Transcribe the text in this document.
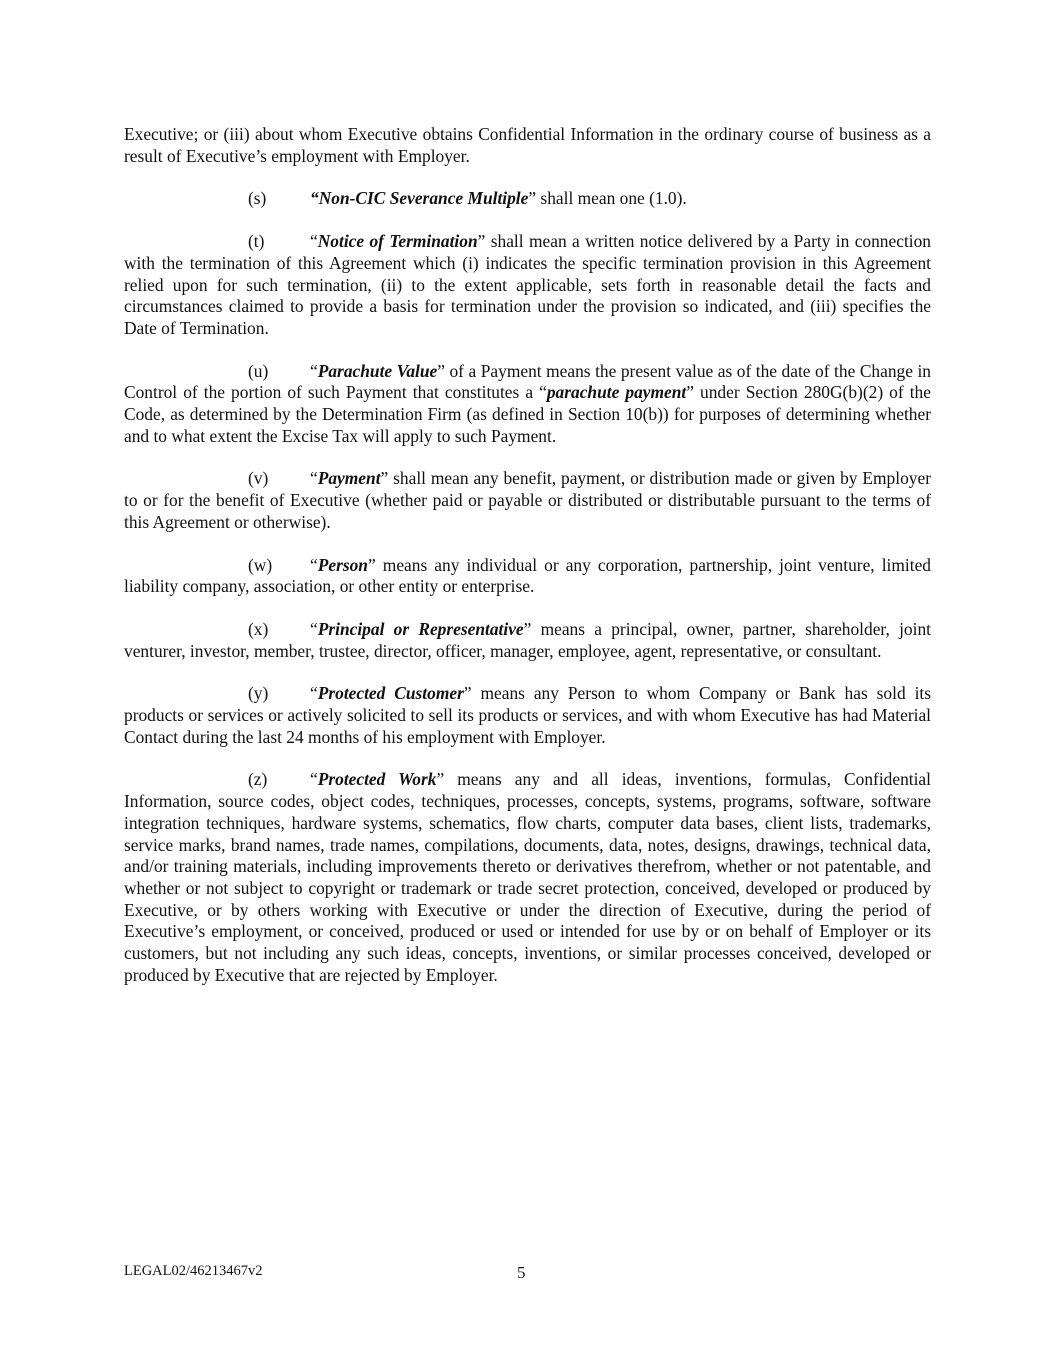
Executive; or (iii) about whom Executive obtains Confidential Information in the ordinary course of business as a result of Executive’s employment with Employer.

(s)	“Non-CIC Severance Multiple” shall mean one (1.0).

(t)	“Notice of Termination” shall mean a written notice delivered by a Party in connection with the termination of this Agreement which (i) indicates the specific termination provision in this Agreement relied upon for such termination, (ii) to the extent applicable, sets forth in reasonable detail the facts and circumstances claimed to provide a basis for termination under the provision so indicated, and (iii) specifies the Date of Termination.

(u) “Parachute Value” of a Payment means the present value as of the date of the Change in Control of the portion of such Payment that constitutes a “parachute payment” under Section 280G(b)(2) of the Code, as determined by the Determination Firm (as defined in Section 10(b)) for purposes of determining whether and to what extent the Excise Tax will apply to such Payment.

(v) “Payment” shall mean any benefit, payment, or distribution made or given by Employer to or for the benefit of Executive (whether paid or payable or distributed or distributable pursuant to the terms of this Agreement or otherwise).

(w) “Person” means any individual or any corporation, partnership, joint venture, limited liability company, association, or other entity or enterprise.

(x) “Principal or Representative” means a principal, owner, partner, shareholder, joint venturer, investor, member, trustee, director, officer, manager, employee, agent, representative, or consultant.

(y) “Protected Customer” means any Person to whom Company or Bank has sold its products or services or actively solicited to sell its products or services, and with whom Executive has had Material Contact during the last 24 months of his employment with Employer.

(z) “Protected Work” means any and all ideas, inventions, formulas, Confidential Information, source codes, object codes, techniques, processes, concepts, systems, programs, software, software integration techniques, hardware systems, schematics, flow charts, computer data bases, client lists, trademarks, service marks, brand names, trade names, compilations, documents, data, notes, designs, drawings, technical data, and/or training materials, including improvements thereto or derivatives therefrom, whether or not patentable, and whether or not subject to copyright or trademark or trade secret protection, conceived, developed or produced by Executive, or by others working with Executive or under the direction of Executive, during the period of Executive’s employment, or conceived, produced or used or intended for use by or on behalf of Employer or its customers, but not including any such ideas, concepts, inventions, or similar processes conceived, developed or produced by Executive that are rejected by Employer.

LEGAL02/46213467v2	5
